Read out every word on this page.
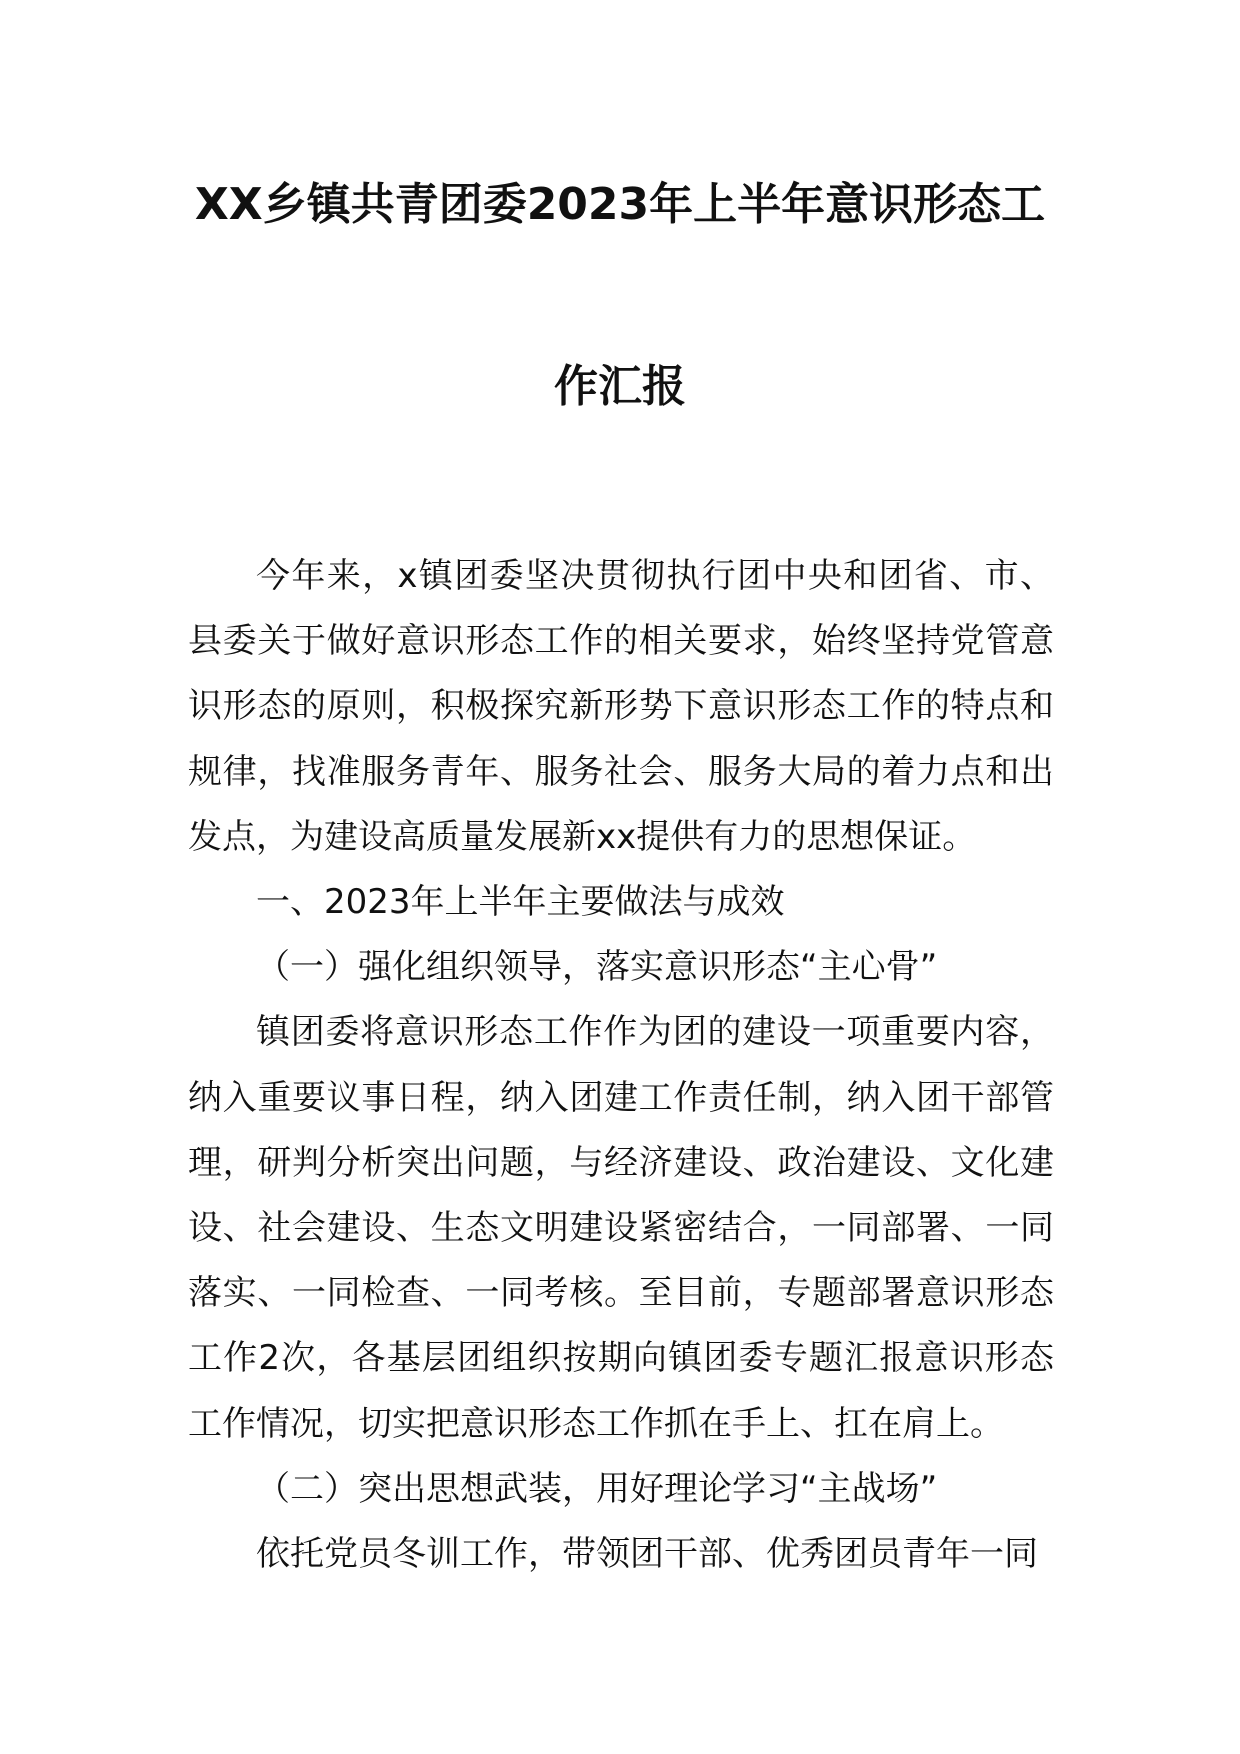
XX乡镇共青团委2023年上半年意识形态工
作汇报

今年来，x镇团委坚决贯彻执行团中央和团省、市、县委关于做好意识形态工作的相关要求，始终坚持党管意识形态的原则，积极探究新形势下意识形态工作的特点和规律，找准服务青年、服务社会、服务大局的着力点和出发点，为建设高质量发展新xx提供有力的思想保证。

一、2023年上半年主要做法与成效

（一）强化组织领导，落实意识形态“主心骨”

镇团委将意识形态工作作为团的建设一项重要内容，纳入重要议事日程，纳入团建工作责任制，纳入团干部管理，研判分析突出问题，与经济建设、政治建设、文化建设、社会建设、生态文明建设紧密结合，一同部署、一同落实、一同检查、一同考核。至目前，专题部署意识形态工作2次，各基层团组织按期向镇团委专题汇报意识形态工作情况，切实把意识形态工作抓在手上、扛在肩上。

（二）突出思想武装，用好理论学习“主战场”

依托党员冬训工作，带领团干部、优秀团员青年一同
